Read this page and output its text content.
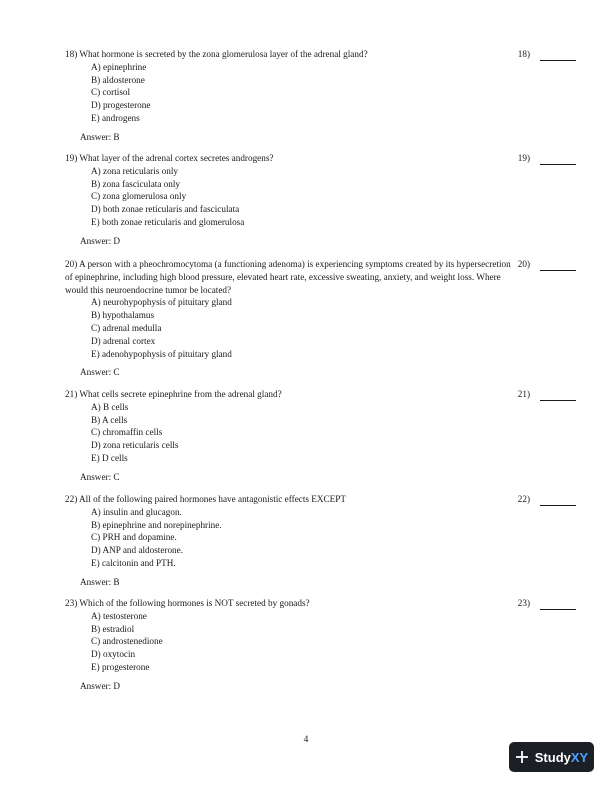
18) What hormone is secreted by the zona glomerulosa layer of the adrenal gland?	18)
A) epinephrine
B) aldosterone
C) cortisol
D) progesterone
E) androgens
Answer: B
19) What layer of the adrenal cortex secretes androgens?	19)
A) zona reticularis only
B) zona fasciculata only
C) zona glomerulosa only
D) both zonae reticularis and fasciculata
E) both zonae reticularis and glomerulosa
Answer: D
20) A person with a pheochromocytoma (a functioning adenoma) is experiencing symptoms created by its hypersecretion of epinephrine, including high blood pressure, elevated heart rate, excessive sweating, anxiety, and weight loss. Where would this neuroendocrine tumor be located?
20)
A) neurohypophysis of pituitary gland
B) hypothalamus
C) adrenal medulla
D) adrenal cortex
E) adenohypophysis of pituitary gland
Answer: C
21) What cells secrete epinephrine from the adrenal gland?	21)
A) B cells
B) A cells
C) chromaffin cells
D) zona reticularis cells
E) D cells
Answer: C
22) All of the following paired hormones have antagonistic effects EXCEPT	22)
A) insulin and glucagon.
B) epinephrine and norepinephrine.
C) PRH and dopamine.
D) ANP and aldosterone.
E) calcitonin and PTH.
Answer: B
23) Which of the following hormones is NOT secreted by gonads?	23)
A) testosterone
B) estradiol
C) androstenedione
D) oxytocin
E) progesterone
Answer: D
4
StudyXY
